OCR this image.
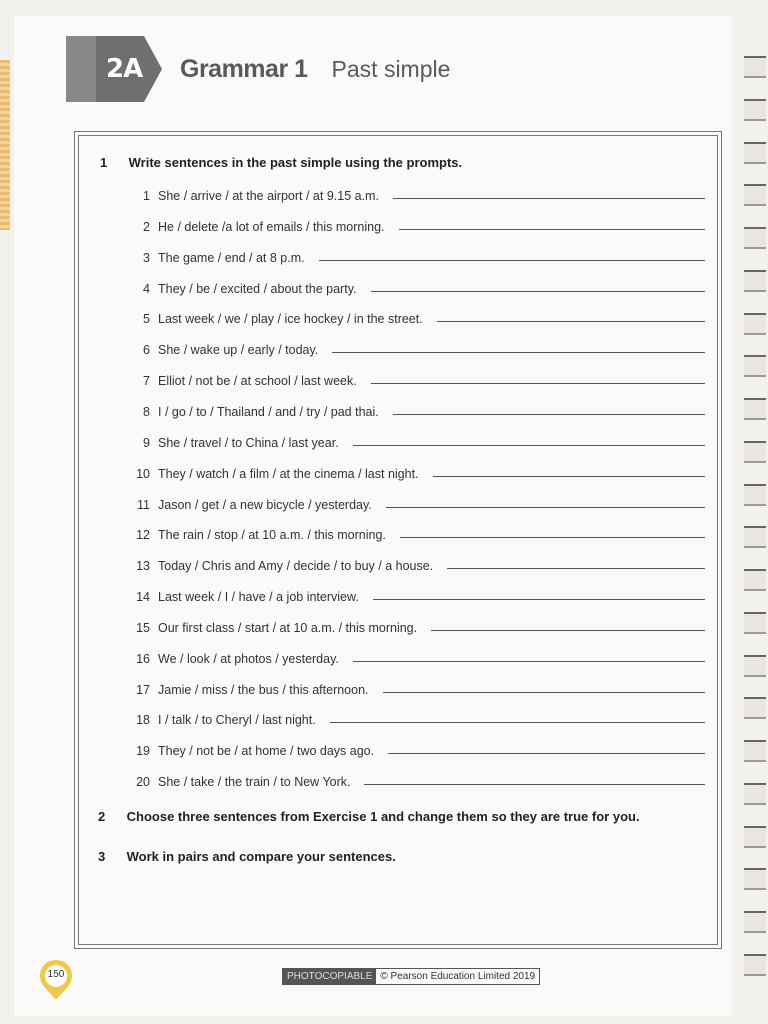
2A Grammar 1 Past simple
1 Write sentences in the past simple using the prompts.
1 She / arrive / at the airport / at 9.15 a.m.
2 He / delete /a lot of emails / this morning.
3 The game / end / at 8 p.m.
4 They / be / excited / about the party.
5 Last week / we / play / ice hockey / in the street.
6 She / wake up / early / today.
7 Elliot / not be / at school / last week.
8 I / go / to / Thailand / and / try / pad thai.
9 She / travel / to China / last year.
10 They / watch / a film / at the cinema / last night.
11 Jason / get / a new bicycle / yesterday.
12 The rain / stop / at 10 a.m. / this morning.
13 Today / Chris and Amy / decide / to buy / a house.
14 Last week / I / have / a job interview.
15 Our first class / start / at 10 a.m. / this morning.
16 We / look / at photos / yesterday.
17 Jamie / miss / the bus / this afternoon.
18 I / talk / to Cheryl / last night.
19 They / not be / at home / two days ago.
20 She / take / the train / to New York.
2 Choose three sentences from Exercise 1 and change them so they are true for you.
3 Work in pairs and compare your sentences.
150	PHOTOCOPIABLE © Pearson Education Limited 2019
